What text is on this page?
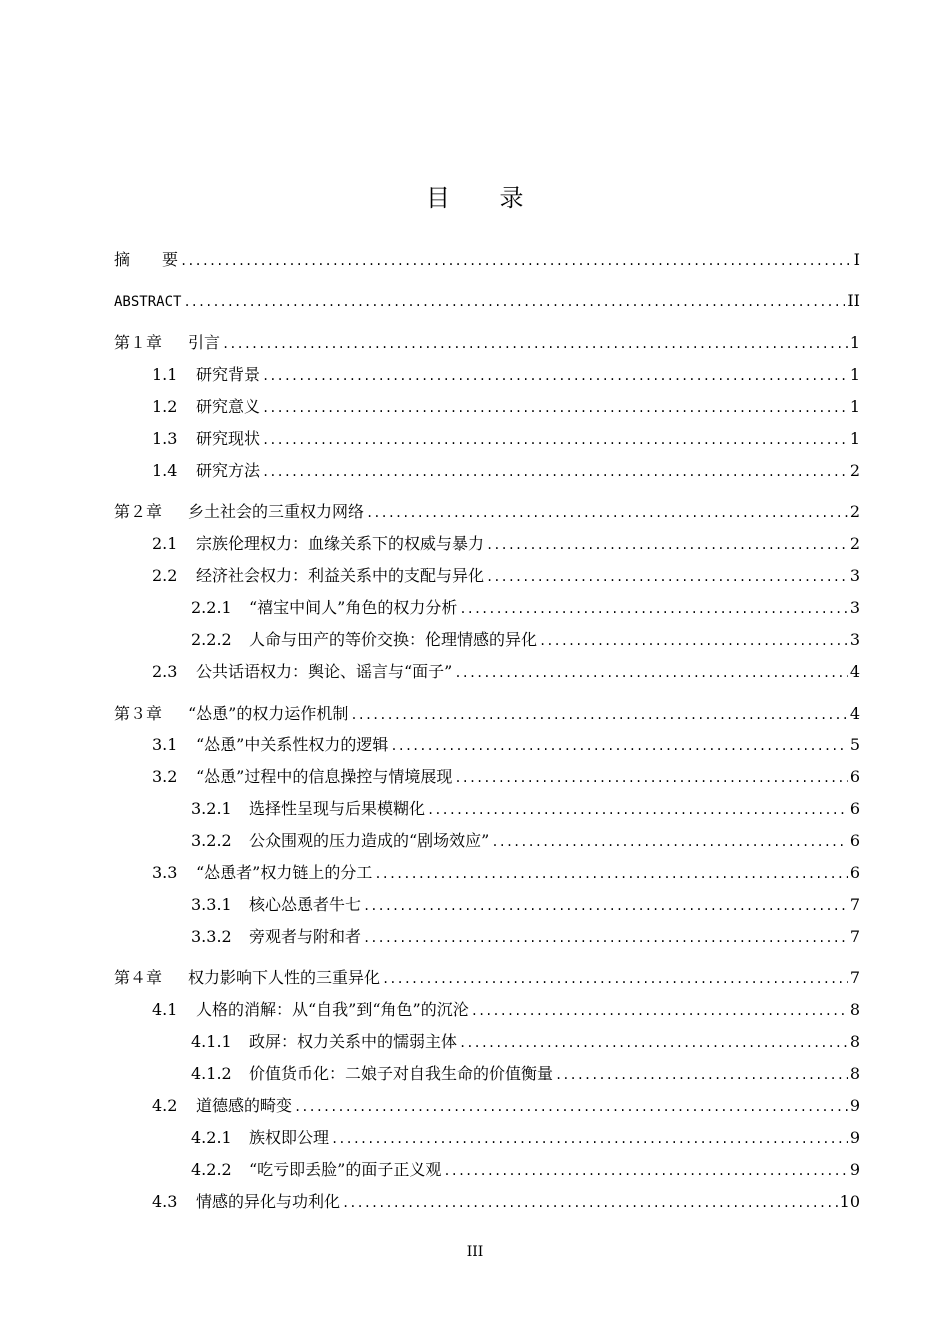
目　　录
摘　　要 .....	I
ABSTRACT .....	II
第１章	引言 .....	1
1.1	研究背景 .....	1
1.2	研究意义 .....	1
1.3	研究现状 .....	1
1.4	研究方法 .....	2
第２章	乡土社会的三重权力网络 .....	2
2.1	宗族伦理权力：血缘关系下的权威与暴力 .....	2
2.2	经济社会权力：利益关系中的支配与异化 .....	3
2.2.1	“禧宝中间人”角色的权力分析 .....	3
2.2.2	人命与田产的等价交换：伦理情感的异化 .....	3
2.3	公共话语权力：舆论、谣言与“面子” .....	4
第３章	“怂恿”的权力运作机制 .....	4
3.1	“怂恿”中关系性权力的逻辑 .....	5
3.2	“怂恿”过程中的信息操控与情境展现 .....	6
3.2.1	选择性呈现与后果模糊化 .....	6
3.2.2	公众围观的压力造成的“剧场效应” .....	6
3.3	“怂恿者”权力链上的分工 .....	6
3.3.1	核心怂恿者牛七 .....	7
3.3.2	旁观者与附和者 .....	7
第４章	权力影响下人性的三重异化 .....	7
4.1	人格的消解：从“自我”到“角色”的沉沦 .....	8
4.1.1	政屏：权力关系中的懦弱主体 .....	8
4.1.2	价值货币化：二娘子对自我生命的价值衡量 .....	8
4.2	道德感的畸变 .....	9
4.2.1	族权即公理 .....	9
4.2.2	“吃亏即丢脸”的面子正义观 .....	9
4.3	情感的异化与功利化 .....	10
III
